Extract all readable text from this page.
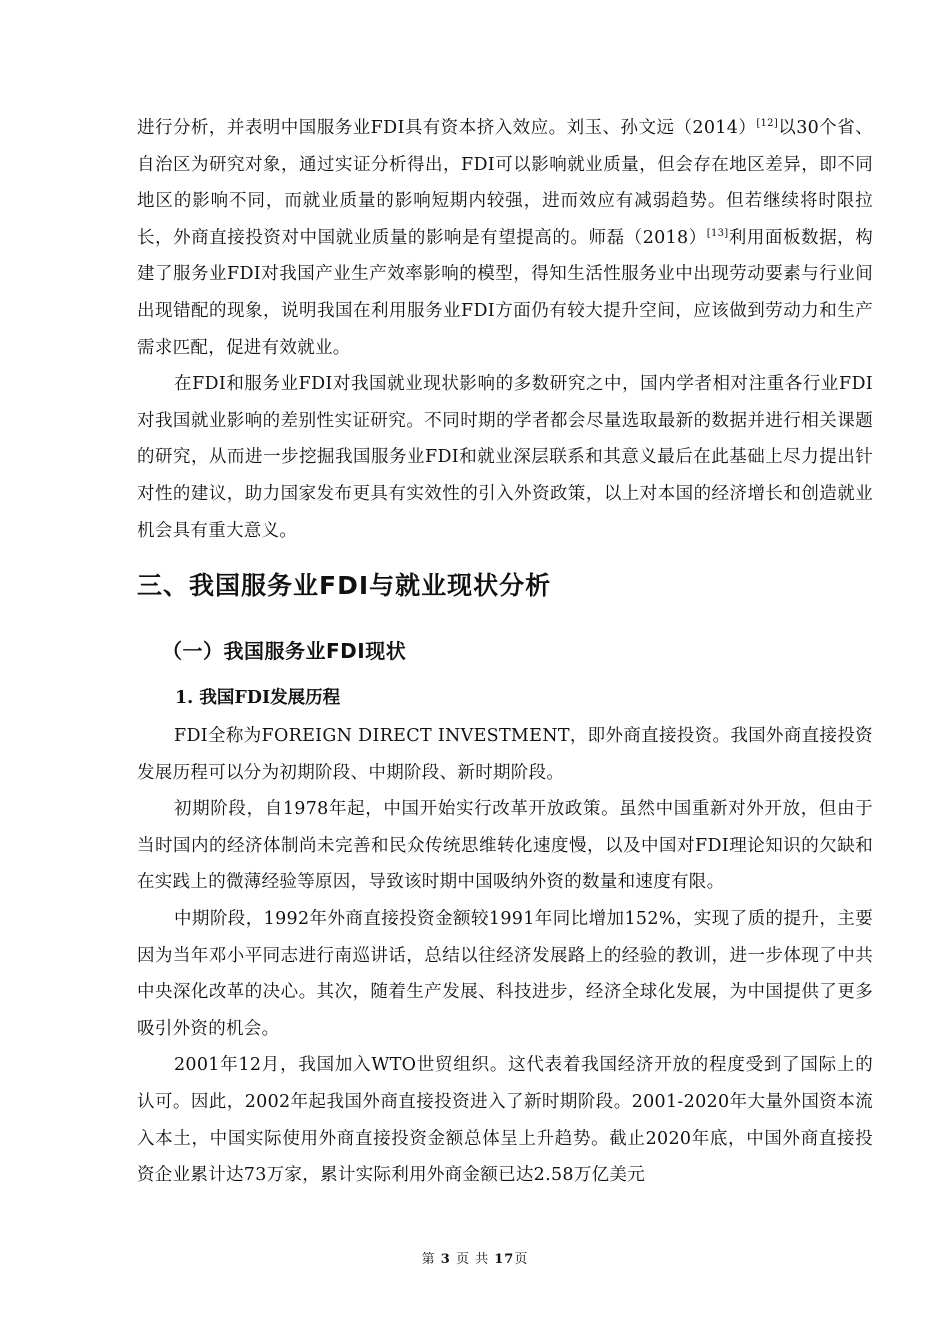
进行分析，并表明中国服务业FDI具有资本挤入效应。刘玉、孙文远（2014）[12]以30个省、自治区为研究对象，通过实证分析得出，FDI可以影响就业质量，但会存在地区差异，即不同地区的影响不同，而就业质量的影响短期内较强，进而效应有减弱趋势。但若继续将时限拉长，外商直接投资对中国就业质量的影响是有望提高的。师磊（2018）[13]利用面板数据，构建了服务业FDI对我国产业生产效率影响的模型，得知生活性服务业中出现劳动要素与行业间出现错配的现象，说明我国在利用服务业FDI方面仍有较大提升空间，应该做到劳动力和生产需求匹配，促进有效就业。

在FDI和服务业FDI对我国就业现状影响的多数研究之中，国内学者相对注重各行业FDI对我国就业影响的差别性实证研究。不同时期的学者都会尽量选取最新的数据并进行相关课题的研究，从而进一步挖掘我国服务业FDI和就业深层联系和其意义最后在此基础上尽力提出针对性的建议，助力国家发布更具有实效性的引入外资政策，以上对本国的经济增长和创造就业机会具有重大意义。

三、我国服务业FDI与就业现状分析
（一）我国服务业FDI现状
1. 我国FDI发展历程

FDI全称为FOREIGN DIRECT INVESTMENT，即外商直接投资。我国外商直接投资发展历程可以分为初期阶段、中期阶段、新时期阶段。

初期阶段，自1978年起，中国开始实行改革开放政策。虽然中国重新对外开放，但由于当时国内的经济体制尚未完善和民众传统思维转化速度慢，以及中国对FDI理论知识的欠缺和在实践上的微薄经验等原因，导致该时期中国吸纳外资的数量和速度有限。

中期阶段，1992年外商直接投资金额较1991年同比增加152%，实现了质的提升，主要因为当年邓小平同志进行南巡讲话，总结以往经济发展路上的经验的教训，进一步体现了中共中央深化改革的决心。其次，随着生产发展、科技进步，经济全球化发展，为中国提供了更多吸引外资的机会。

2001年12月，我国加入WTO世贸组织。这代表着我国经济开放的程度受到了国际上的认可。因此，2002年起我国外商直接投资进入了新时期阶段。2001-2020年大量外国资本流入本土，中国实际使用外商直接投资金额总体呈上升趋势。截止2020年底，中国外商直接投资企业累计达73万家，累计实际利用外商金额已达2.58万亿美元

第 3 页 共 17页
